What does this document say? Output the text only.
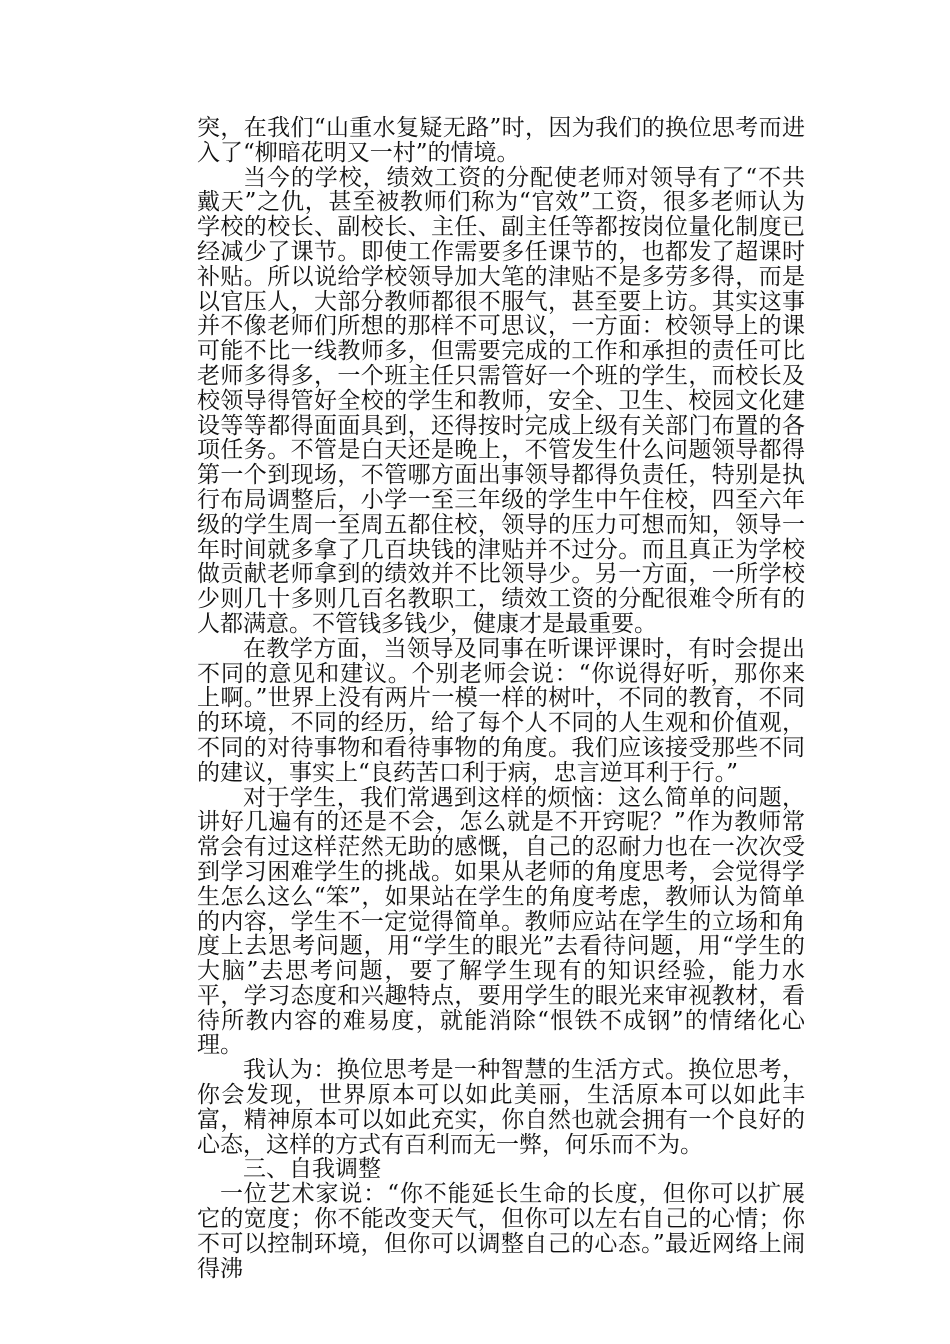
突，在我们“山重水复疑无路”时，因为我们的换位思考而进入了“柳暗花明又一村”的情境。

当今的学校，绩效工资的分配使老师对领导有了“不共戴天”之仇，甚至被教师们称为“官效”工资，很多老师认为学校的校长、副校长、主任、副主任等都按岗位量化制度已经减少了课节。即使工作需要多任课节的，也都发了超课时补贴。所以说给学校领导加大笔的津贴不是多劳多得，而是以官压人，大部分教师都很不服气，甚至要上访。其实这事并不像老师们所想的那样不可思议，一方面：校领导上的课可能不比一线教师多，但需要完成的工作和承担的责任可比老师多得多，一个班主任只需管好一个班的学生，而校长及校领导得管好全校的学生和教师，安全、卫生、校园文化建设等等都得面面具到，还得按时完成上级有关部门布置的各项任务。不管是白天还是晚上，不管发生什么问题领导都得第一个到现场，不管哪方面出事领导都得负责任，特别是执行布局调整后，小学一至三年级的学生中午住校，四至六年级的学生周一至周五都住校，领导的压力可想而知，领导一年时间就多拿了几百块钱的津贴并不过分。而且真正为学校做贡献老师拿到的绩效并不比领导少。另一方面，一所学校少则几十多则几百名教职工，绩效工资的分配很难令所有的人都满意。不管钱多钱少，健康才是最重要。

在教学方面，当领导及同事在听课评课时，有时会提出不同的意见和建议。个别老师会说：“你说得好听，那你来上啊。”世界上没有两片一模一样的树叶，不同的教育，不同的环境，不同的经历，给了每个人不同的人生观和价值观，不同的对待事物和看待事物的角度。我们应该接受那些不同的建议，事实上“良药苦口利于病，忠言逆耳利于行。”

对于学生，我们常遇到这样的烦恼：这么简单的问题，讲好几遍有的还是不会，怎么就是不开窍呢？”作为教师常常会有过这样茫然无助的感慨，自己的忍耐力也在一次次受到学习困难学生的挑战。如果从老师的角度思考，会觉得学生怎么这么“笨”，如果站在学生的角度考虑，教师认为简单的内容，学生不一定觉得简单。教师应站在学生的立场和角度上去思考问题，用“学生的眼光”去看待问题，用“学生的大脑”去思考问题，要了解学生现有的知识经验，能力水平，学习态度和兴趣特点，要用学生的眼光来审视教材，看待所教内容的难易度，就能消除“恨铁不成钢”的情绪化心理。

我认为：换位思考是一种智慧的生活方式。换位思考，你会发现，世界原本可以如此美丽，生活原本可以如此丰富，精神原本可以如此充实，你自然也就会拥有一个良好的心态，这样的方式有百利而无一弊，何乐而不为。

三、自我调整

一位艺术家说：“你不能延长生命的长度，但你可以扩展它的宽度；你不能改变天气，但你可以左右自己的心情；你不可以控制环境，但你可以调整自己的心态。”最近网络上闹得沸
